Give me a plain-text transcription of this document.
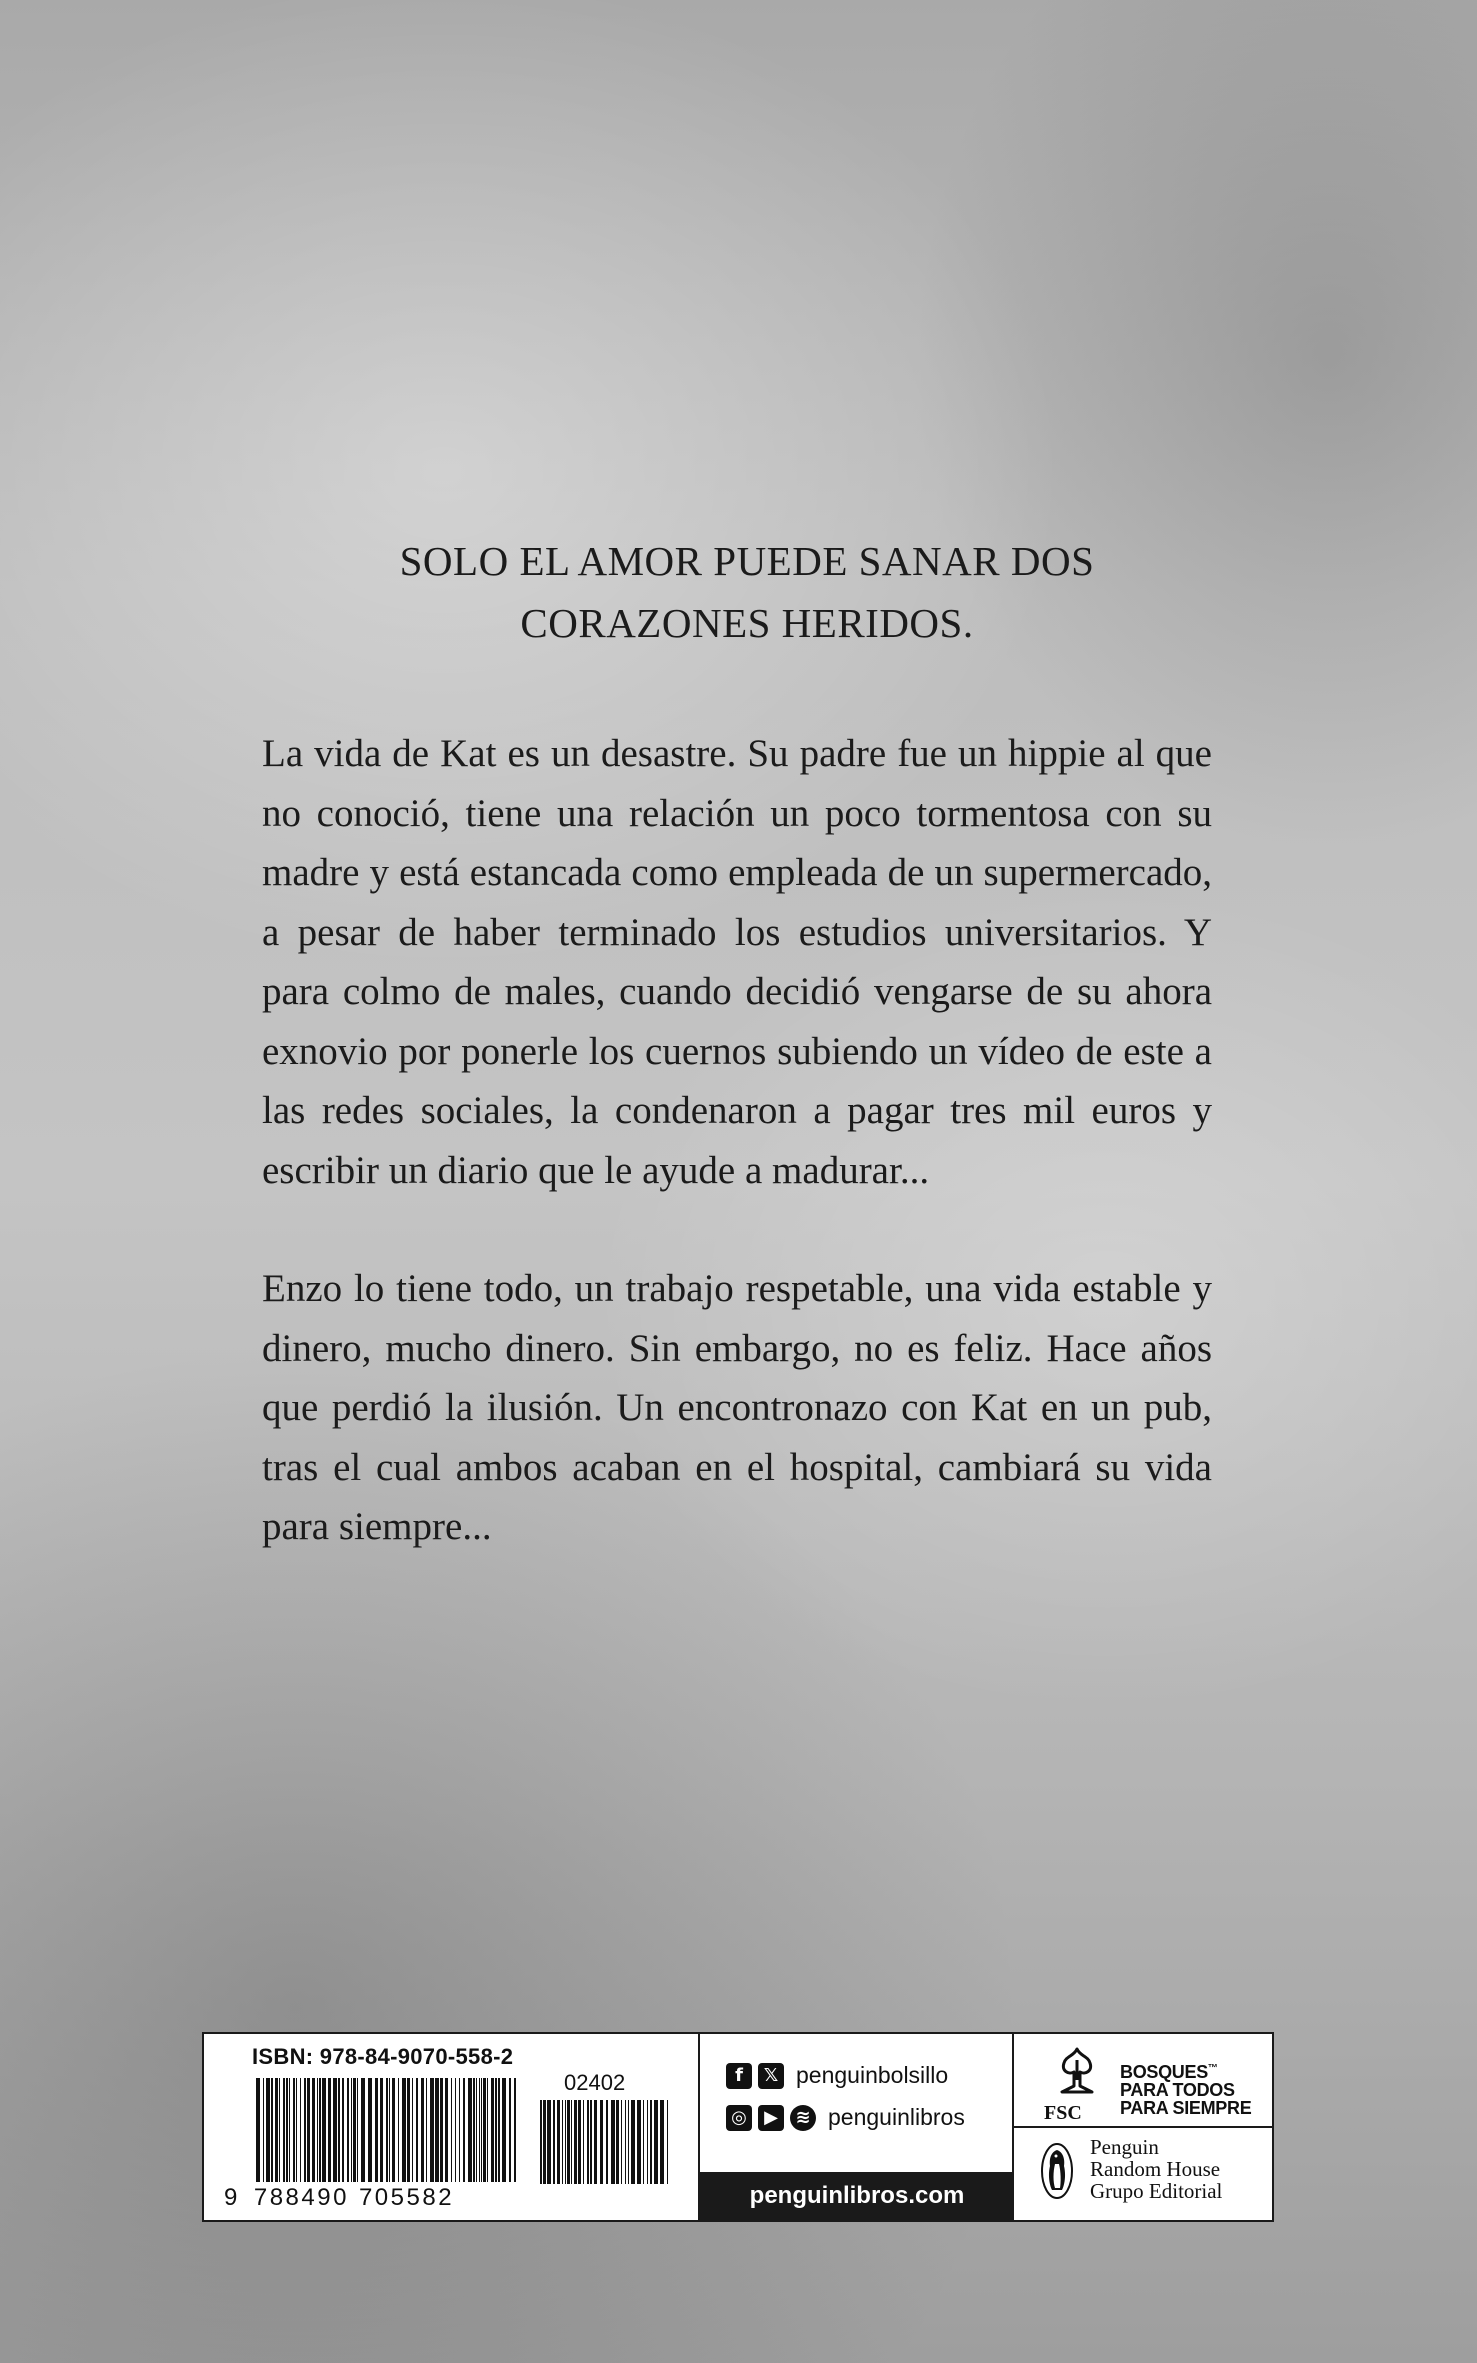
SOLO EL AMOR PUEDE SANAR DOS
CORAZONES HERIDOS.

La vida de Kat es un desastre. Su padre fue un hippie al que no conoció, tiene una relación un poco tormentosa con su madre y está estancada como empleada de un supermercado, a pesar de haber terminado los estudios universitarios. Y para colmo de males, cuando decidió vengarse de su ahora exnovio por ponerle los cuernos subiendo un vídeo de este a las redes sociales, la condenaron a pagar tres mil euros y escribir un diario que le ayude a madurar...

Enzo lo tiene todo, un trabajo respetable, una vida estable y dinero, mucho dinero. Sin embargo, no es feliz. Hace años que perdió la ilusión. Un encontronazo con Kat en un pub, tras el cual ambos acaban en el hospital, cambiará su vida para siempre...

ISBN: 978-84-9070-558-2
02402
9 788490 705582
f	𝕏 penguinbolsillo
◎ ▶ ≋ penguinlibros
penguinlibros.com
FSC
BOSQUES™
PARA TODOS
PARA SIEMPRE
Penguin
Random House
Grupo Editorial
